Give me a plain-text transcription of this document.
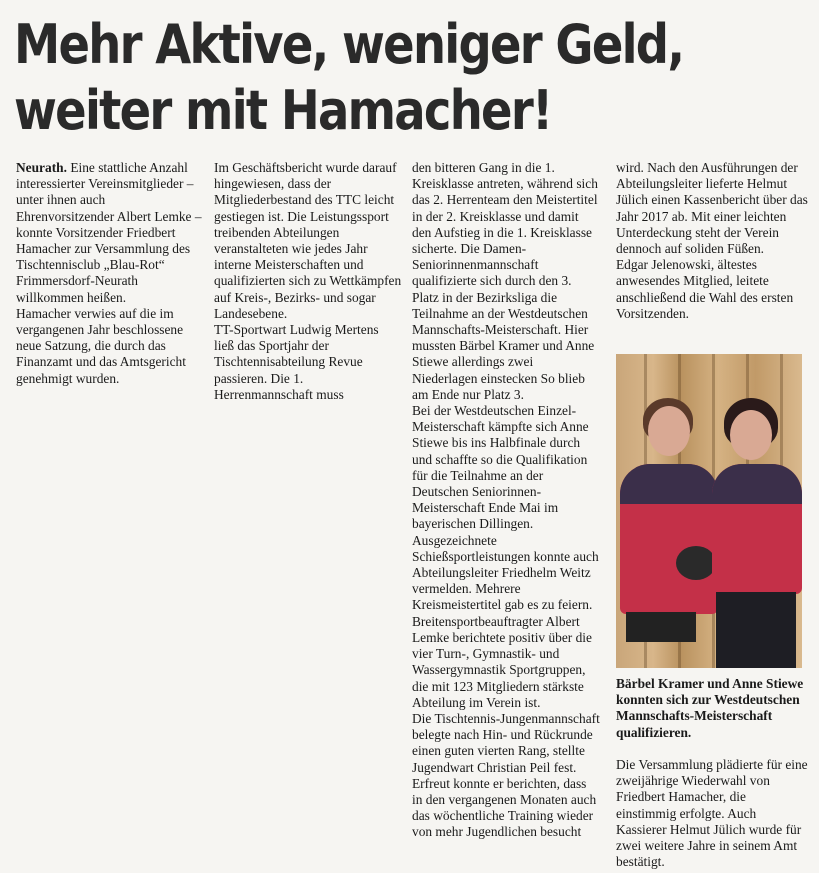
Mehr Aktive, weniger Geld,
weiter mit Hamacher!

Neurath. Eine stattliche Anzahl interessierter Vereinsmitglieder – unter ihnen auch Ehrenvorsitzender Albert Lemke – konnte Vorsitzender Friedbert Hamacher zur Versammlung des Tischtennisclub „Blau-Rot“ Frimmersdorf-Neurath willkommen heißen.

Hamacher verwies auf die im vergangenen Jahr beschlossene neue Satzung, die durch das Finanzamt und das Amtsgericht genehmigt wurden.

Im Geschäftsbericht wurde darauf hingewiesen, dass der Mitgliederbestand des TTC leicht gestiegen ist. Die Leistungssport treibenden Abteilungen veranstalteten wie jedes Jahr interne Meisterschaften und qualifizierten sich zu Wettkämpfen auf Kreis-, Bezirks- und sogar Landesebene.

TT-Sportwart Ludwig Mertens ließ das Sportjahr der Tischtennisabteilung Revue passieren. Die 1. Herrenmannschaft muss

den bitteren Gang in die 1. Kreisklasse antreten, während sich das 2. Herrenteam den Meistertitel in der 2. Kreisklasse und damit den Aufstieg in die 1. Kreisklasse sicherte. Die Damen-Seniorinnenmannschaft qualifizierte sich durch den 3. Platz in der Bezirksliga die Teilnahme an der Westdeutschen Mannschafts-Meisterschaft. Hier mussten Bärbel Kramer und Anne Stiewe allerdings zwei Niederlagen einstecken So blieb am Ende nur Platz 3.

Bei der Westdeutschen Einzel-Meisterschaft kämpfte sich Anne Stiewe bis ins Halbfinale durch und schaffte so die Qualifikation für die Teilnahme an der Deutschen Seniorinnen-Meisterschaft Ende Mai im bayerischen Dillingen.

Ausgezeichnete Schießsportleistungen konnte auch Abteilungsleiter Friedhelm Weitz vermelden. Mehrere Kreismeistertitel gab es zu feiern. Breitensportbeauftragter Albert Lemke berichtete positiv über die vier Turn-, Gymnastik- und Wassergymnastik Sportgruppen, die mit 123 Mitgliedern stärkste Abteilung im Verein ist.

Die Tischtennis-Jungenmannschaft belegte nach Hin- und Rückrunde einen guten vierten Rang, stellte Jugendwart Christian Peil fest. Erfreut konnte er berichten, dass in den vergangenen Monaten auch das wöchentliche Training wieder von mehr Jugendlichen besucht

wird. Nach den Ausführungen der Abteilungsleiter lieferte Helmut Jülich einen Kassenbericht über das Jahr 2017 ab. Mit einer leichten Unterdeckung steht der Verein dennoch auf soliden Füßen.

Edgar Jelenowski, ältestes anwesendes Mitglied, leitete anschließend die Wahl des ersten Vorsitzenden.

Bärbel Kramer und Anne Stiewe konnten sich zur Westdeutschen Mannschafts-Meisterschaft qualifizieren.
Die Versammlung plädierte für eine zweijährige Wiederwahl von Friedbert Hamacher, die einstimmig erfolgte. Auch Kassierer Helmut Jülich wurde für zwei weitere Jahre in seinem Amt bestätigt.
